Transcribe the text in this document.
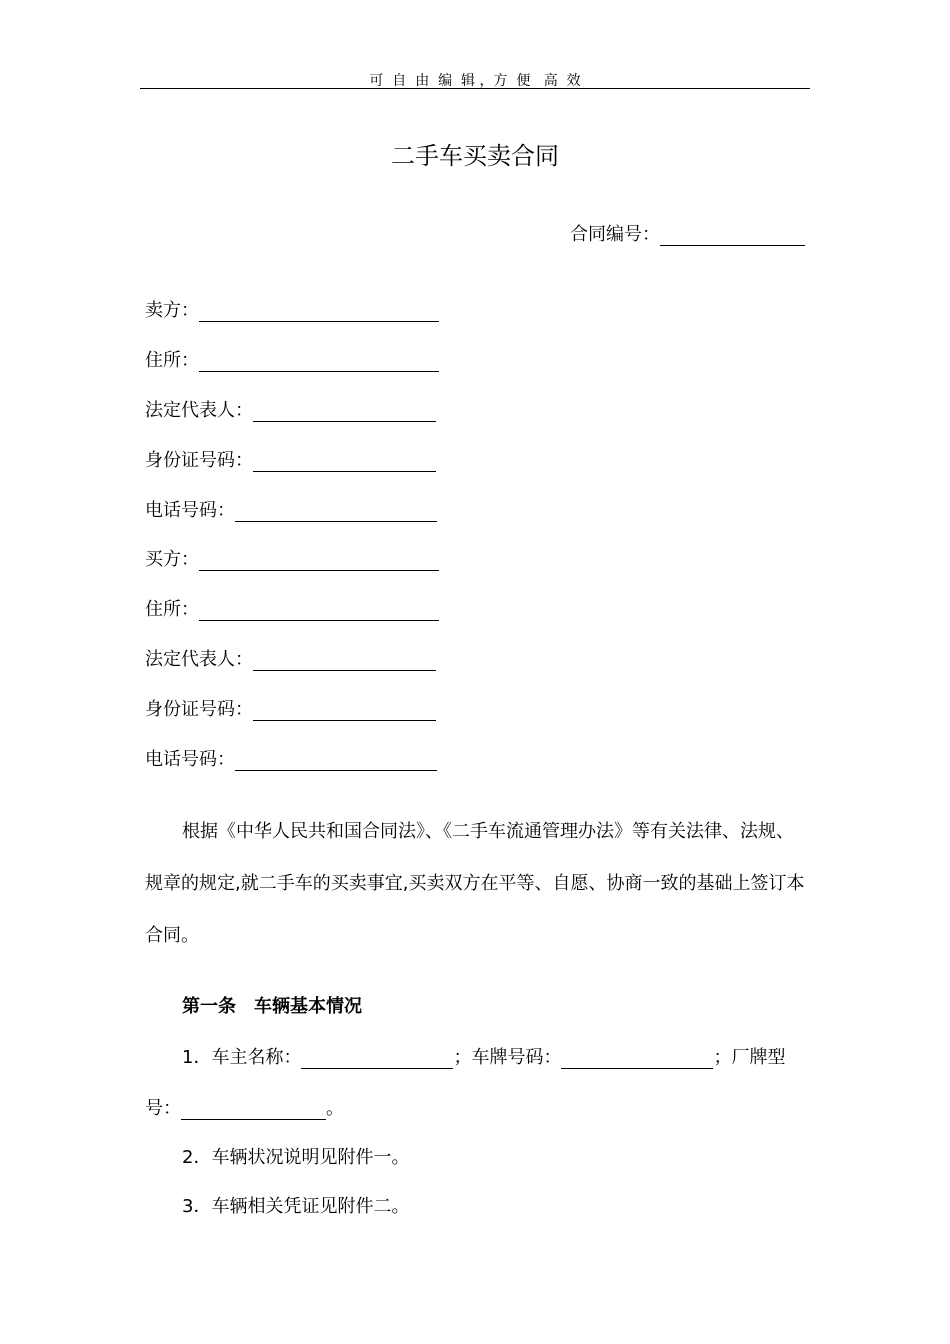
可  自  由  编  辑 ，方  便   高  效
二手车买卖合同
合同编号：
卖方：
住所：
法定代表人：
身份证号码：
电话号码：
买方：
住所：
法定代表人：
身份证号码：
电话号码：
根据《中华人民共和国合同法》、《二手车流通管理办法》等有关法律、法规、规章的规定,就二手车的买卖事宜,买卖双方在平等、自愿、协商一致的基础上签订本合同。
第一条　车辆基本情况
1．车主名称：	；车牌号码：	；厂牌型
号：	。
2．车辆状况说明见附件一。
3．车辆相关凭证见附件二。
